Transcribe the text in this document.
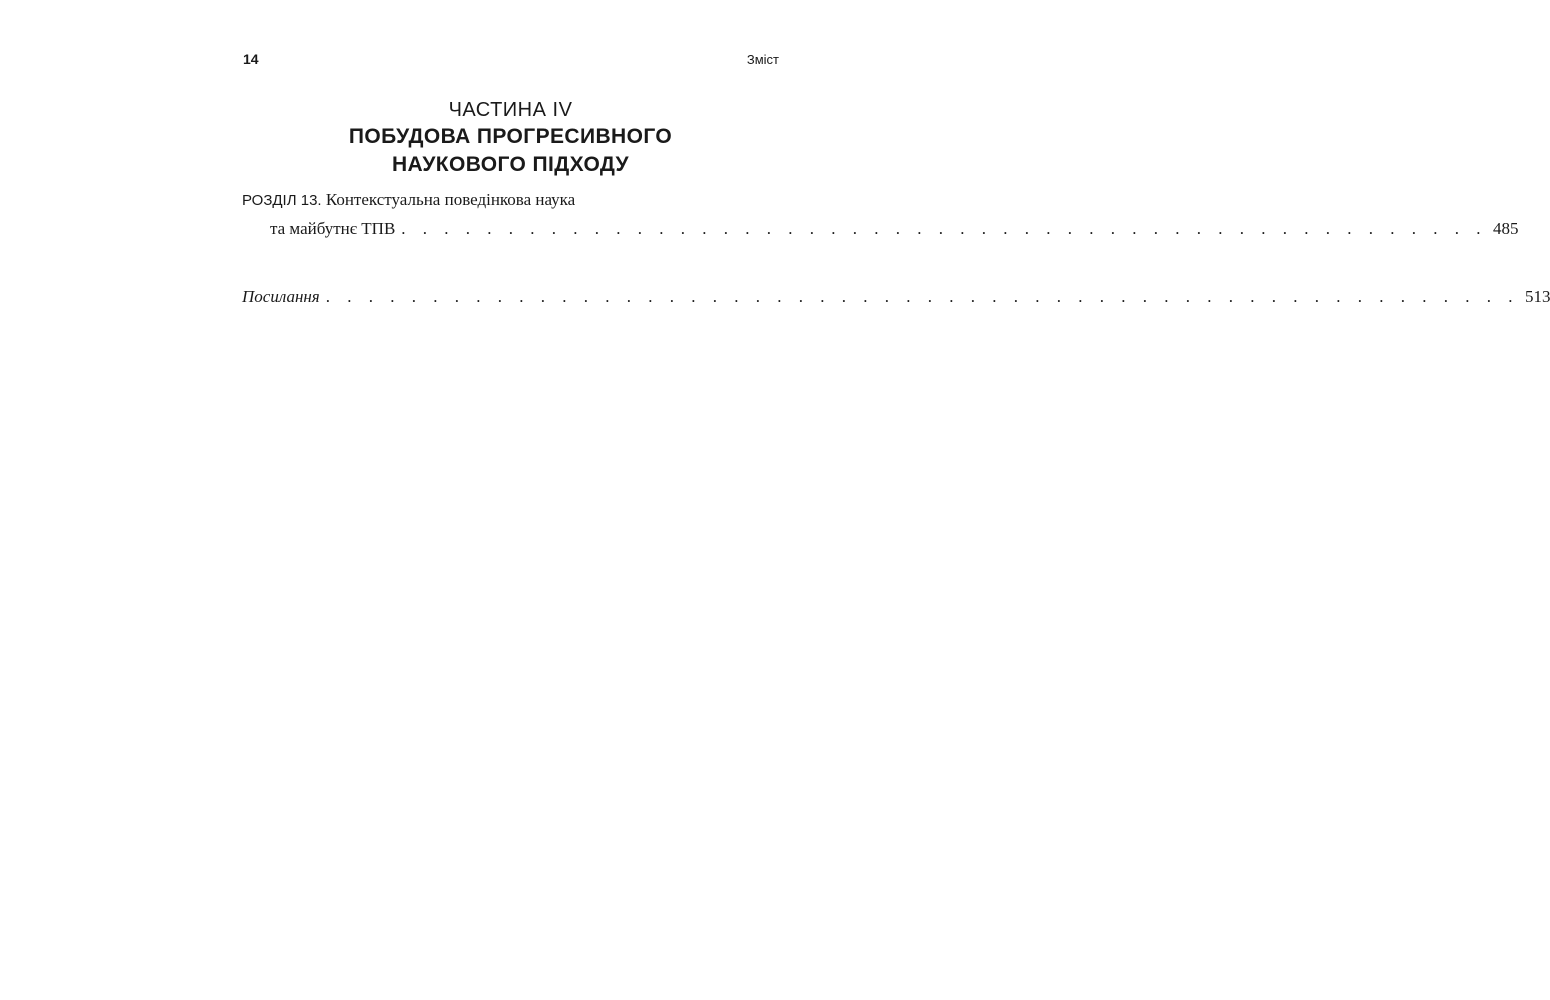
14	Зміст
ЧАСТИНА IV
ПОБУДОВА ПРОГРЕСИВНОГО
НАУКОВОГО ПІДХОДУ
РОЗДІЛ 13.
Контекстуальна поведінкова наука
та майбутнє ТПВ . . . . . . . . . . . . . . . . . . . . . . . . . . . . . . . . . . . . . . . . . . . . . . . . . . . 485
Посилання . . . . . . . . . . . . . . . . . . . . . . . . . . . . . . . . . . . . . . . . . . . . . . . . . . . . . . . . 513
